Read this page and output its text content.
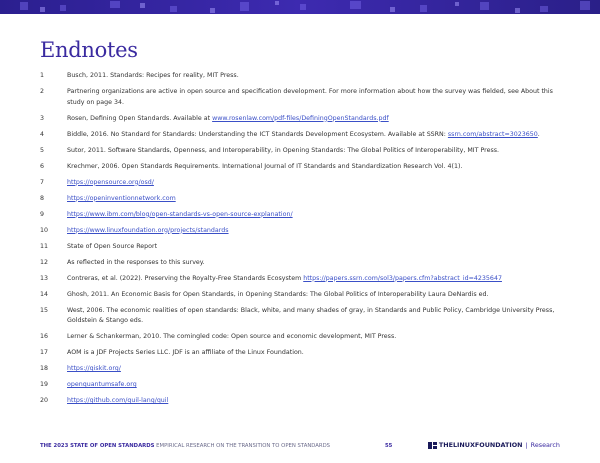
Endnotes
1	Busch, 2011. Standards: Recipes for reality, MIT Press.
2	Partnering organizations are active in open source and specification development. For more information about how the survey was fielded, see About this study on page 34.
3	Rosen, Defining Open Standards. Available at www.rosenlaw.com/pdf-files/DefiningOpenStandards.pdf
4	Biddle, 2016. No Standard for Standards: Understanding the ICT Standards Development Ecosystem. Available at SSRN: ssrn.com/abstract=3023650.
5	Sutor, 2011. Software Standards, Openness, and Interoperability, in Opening Standards: The Global Politics of Interoperability, MIT Press.
6	Krechmer, 2006. Open Standards Requirements. International Journal of IT Standards and Standardization Research Vol. 4(1).
7	https://opensource.org/osd/
8	https://openinventionnetwork.com
9	https://www.ibm.com/blog/open-standards-vs-open-source-explanation/
10	https://www.linuxfoundation.org/projects/standards
11	State of Open Source Report
12	As reflected in the responses to this survey.
13	Contreras, et al. (2022). Preserving the Royalty-Free Standards Ecosystem https://papers.ssrn.com/sol3/papers.cfm?abstract_id=4235647
14	Ghosh, 2011. An Economic Basis for Open Standards, in Opening Standards: The Global Politics of Interoperability Laura DeNardis ed.
15	West, 2006. The economic realities of open standards: Black, white, and many shades of gray, in Standards and Public Policy, Cambridge University Press, Goldstein & Stango eds.
16	Lerner & Schankerman, 2010. The comingled code: Open source and economic development, MIT Press.
17	AOM is a JDF Projects Series LLC. JDF is an affiliate of the Linux Foundation.
18	https://qiskit.org/
19	openquantumsafe.org
20	https://github.com/quil-lang/quil
THE 2023 STATE OF OPEN STANDARDS EMPIRICAL RESEARCH ON THE TRANSITION TO OPEN STANDARDS	55	THE LINUX FOUNDATION | Research
